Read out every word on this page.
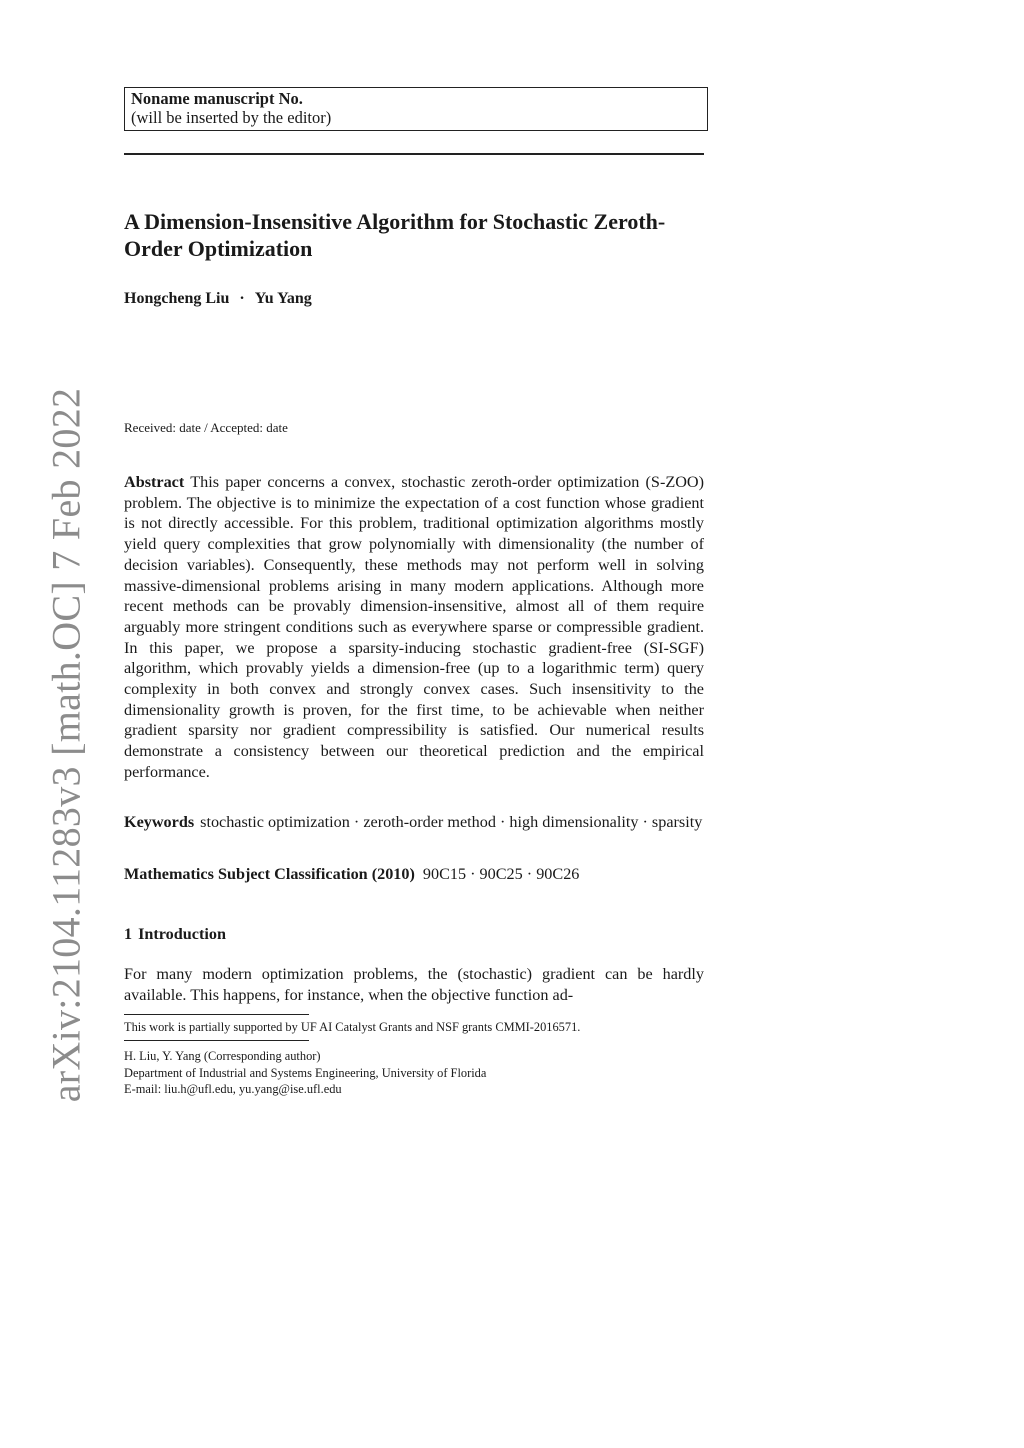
arXiv:2104.11283v3 [math.OC] 7 Feb 2022
Noname manuscript No.
(will be inserted by the editor)
A Dimension-Insensitive Algorithm for Stochastic Zeroth-Order Optimization
Hongcheng Liu · Yu Yang
Received: date / Accepted: date

Abstract This paper concerns a convex, stochastic zeroth-order optimization (S-ZOO) problem. The objective is to minimize the expectation of a cost function whose gradient is not directly accessible. For this problem, traditional optimization algorithms mostly yield query complexities that grow polynomially with dimensionality (the number of decision variables). Consequently, these methods may not perform well in solving massive-dimensional problems arising in many modern applications. Although more recent methods can be provably dimension-insensitive, almost all of them require arguably more stringent conditions such as everywhere sparse or compressible gradient. In this paper, we propose a sparsity-inducing stochastic gradient-free (SI-SGF) algorithm, which provably yields a dimension-free (up to a logarithmic term) query complexity in both convex and strongly convex cases. Such insensitivity to the dimensionality growth is proven, for the first time, to be achievable when neither gradient sparsity nor gradient compressibility is satisfied. Our numerical results demonstrate a consistency between our theoretical prediction and the empirical performance.

Keywords stochastic optimization · zeroth-order method · high dimensionality · sparsity

Mathematics Subject Classification (2010) 90C15 · 90C25 · 90C26

1 Introduction

For many modern optimization problems, the (stochastic) gradient can be hardly available. This happens, for instance, when the objective function ad-

This work is partially supported by UF AI Catalyst Grants and NSF grants CMMI-2016571.
H. Liu, Y. Yang (Corresponding author)
Department of Industrial and Systems Engineering, University of Florida
E-mail: liu.h@ufl.edu, yu.yang@ise.ufl.edu
